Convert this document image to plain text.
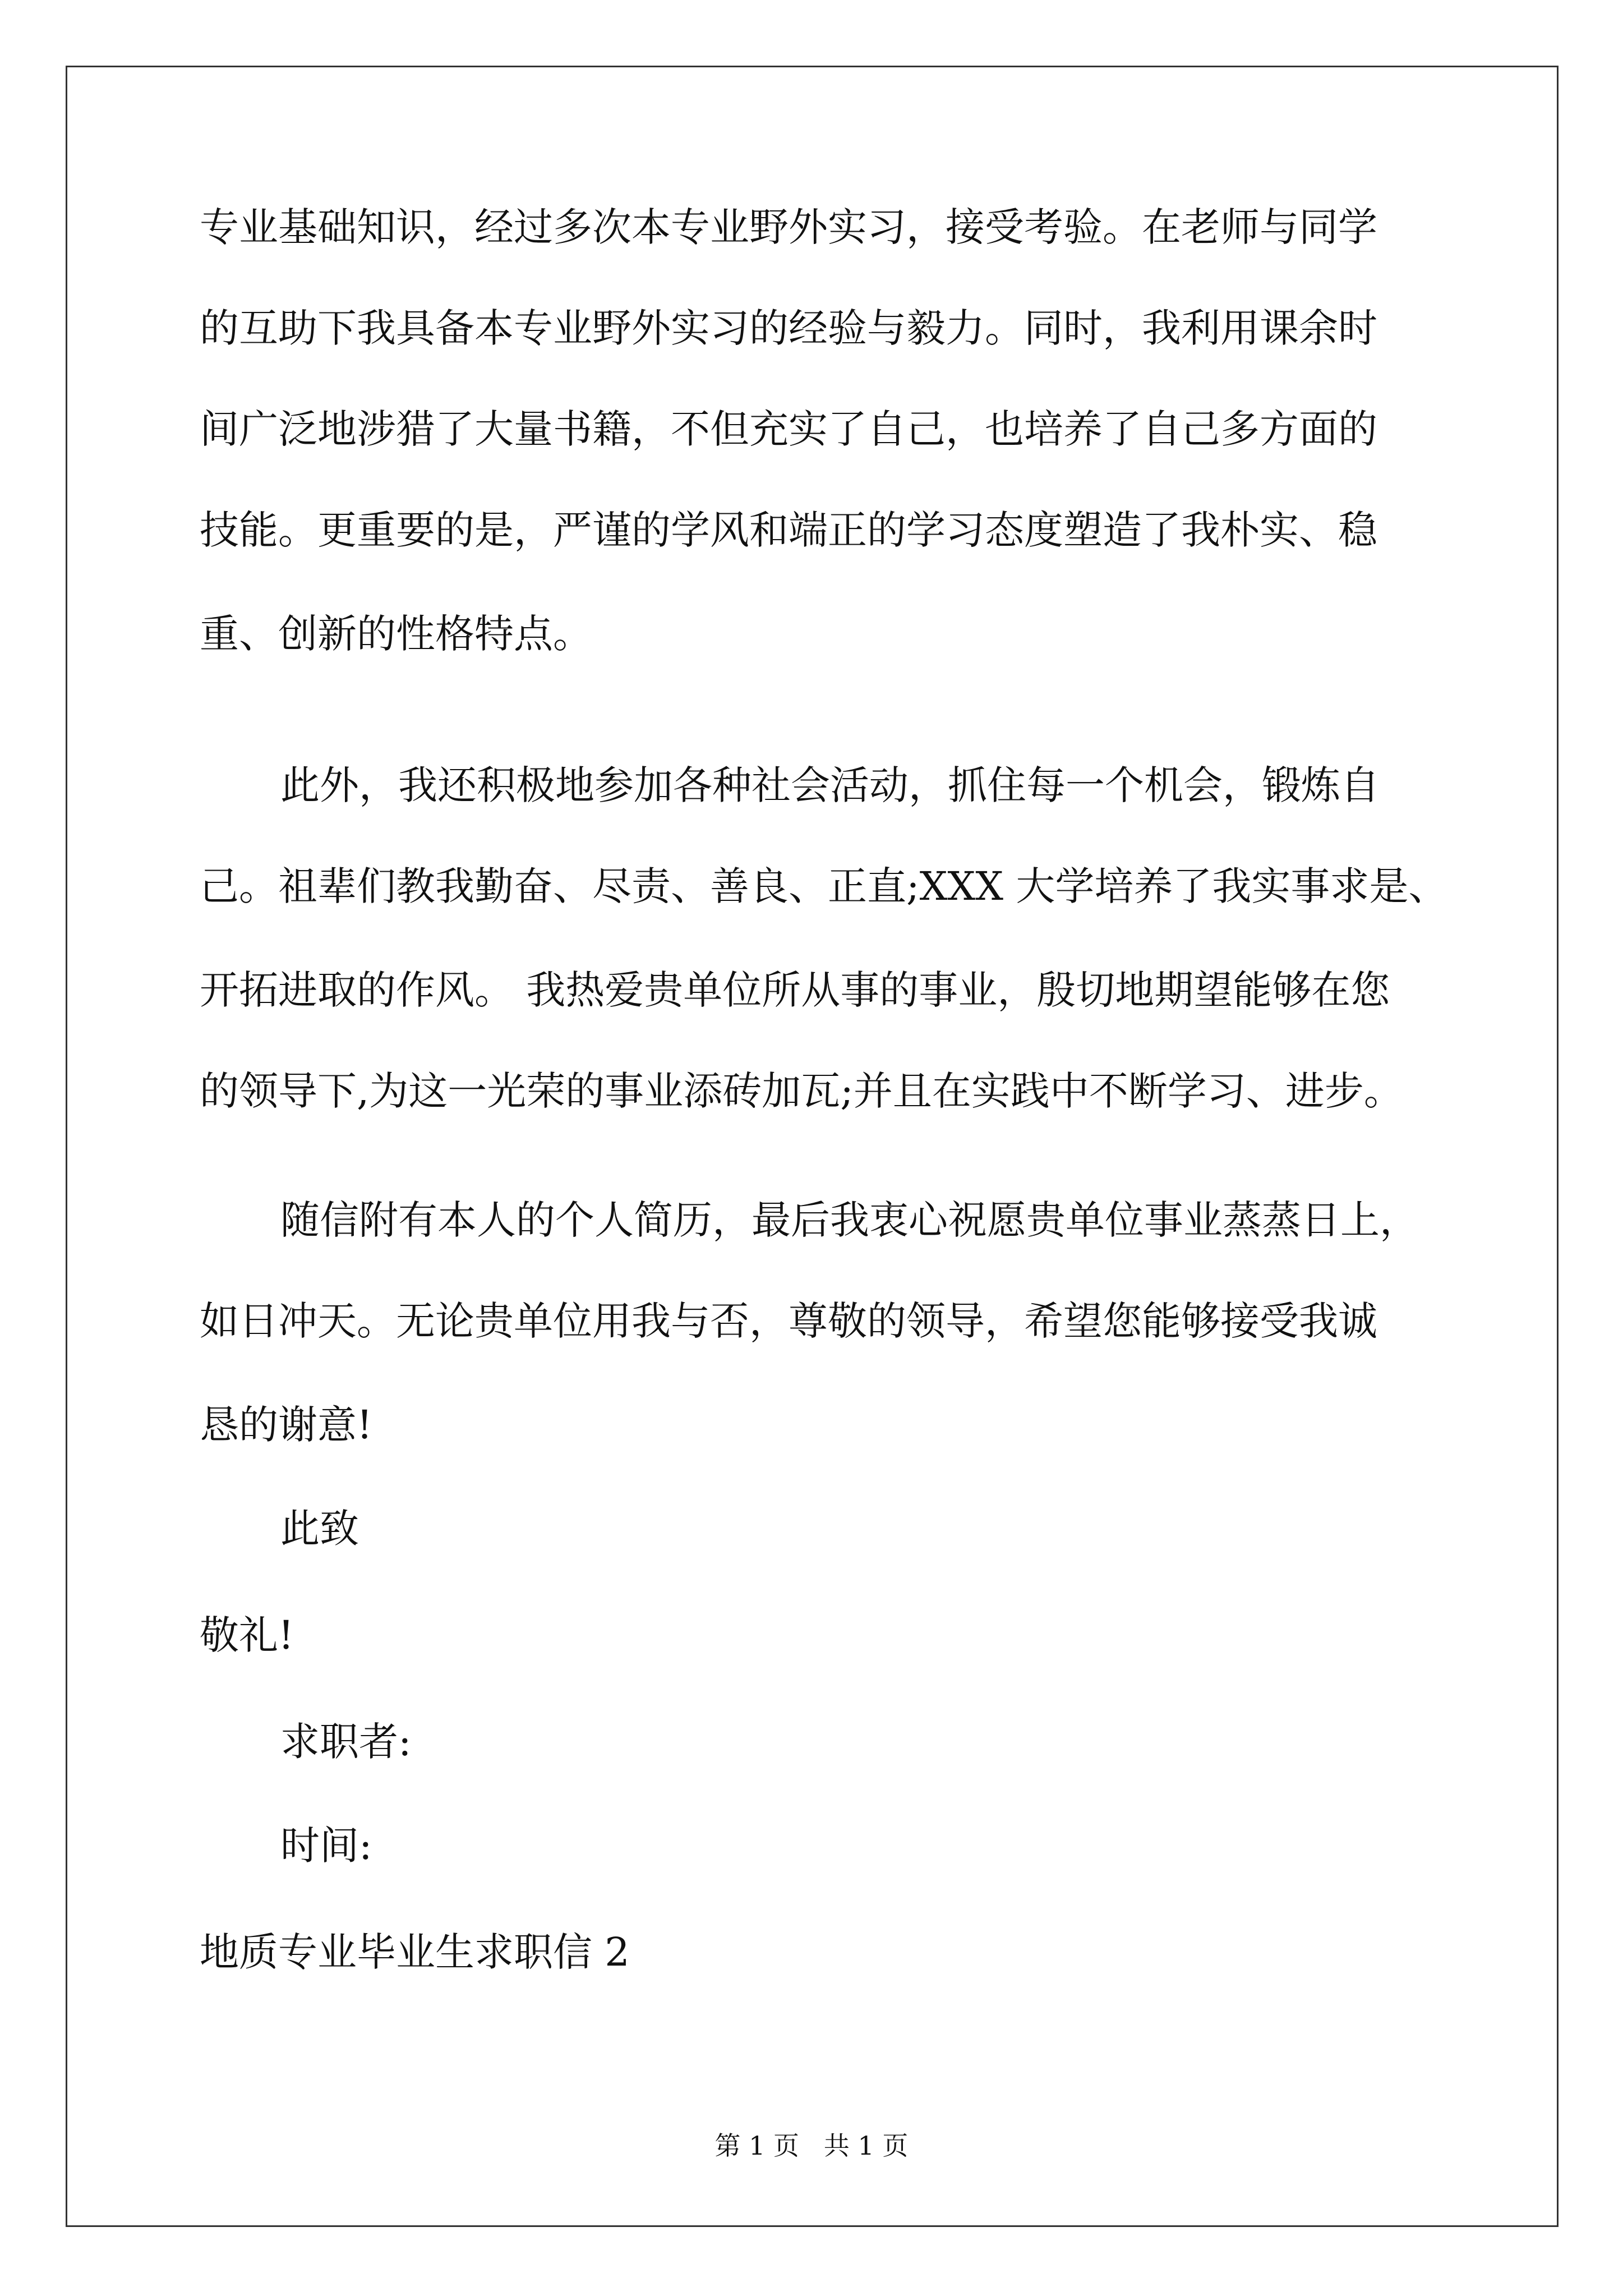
专业基础知识，经过多次本专业野外实习，接受考验。在老师与同学
的互助下我具备本专业野外实习的经验与毅力。同时，我利用课余时
间广泛地涉猎了大量书籍，不但充实了自己，也培养了自己多方面的
技能。更重要的是，严谨的学风和端正的学习态度塑造了我朴实、稳
重、创新的性格特点。
此外，我还积极地参加各种社会活动，抓住每一个机会，锻炼自
己。祖辈们教我勤奋、尽责、善良、正直;XXX 大学培养了我实事求是、
开拓进取的作风。 我热爱贵单位所从事的事业，殷切地期望能够在您
的领导下,为这一光荣的事业添砖加瓦;并且在实践中不断学习、进步。
随信附有本人的个人简历，最后我衷心祝愿贵单位事业蒸蒸日上，
如日冲天。无论贵单位用我与否，尊敬的领导，希望您能够接受我诚
恳的谢意!
此致
敬礼!
求职者:
时间:
地质专业毕业生求职信 2
第 1 页   共 1 页
